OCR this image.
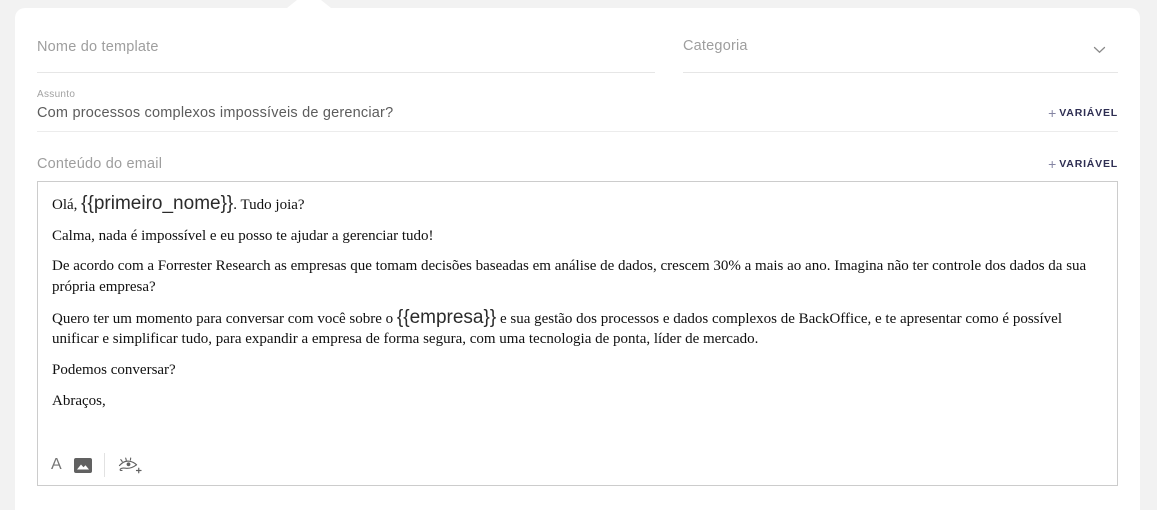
Nome do template
Categoria
Assunto
Com processos complexos impossíveis de gerenciar?	+ VARIÁVEL
Conteúdo do email	+ VARIÁVEL

Olá, {{primeiro_nome}}. Tudo joia?

Calma, nada é impossível e eu posso te ajudar a gerenciar tudo!

De acordo com a Forrester Research as empresas que tomam decisões baseadas em análise de dados, crescem 30% a mais ao ano. Imagina não ter controle dos dados da sua própria empresa?

Quero ter um momento para conversar com você sobre o {{empresa}} e sua gestão dos processos e dados complexos de BackOffice, e te apresentar como é possível unificar e simplificar tudo, para expandir a empresa de forma segura, com uma tecnologia de ponta, líder de mercado.

Podemos conversar?

Abraços,

A
